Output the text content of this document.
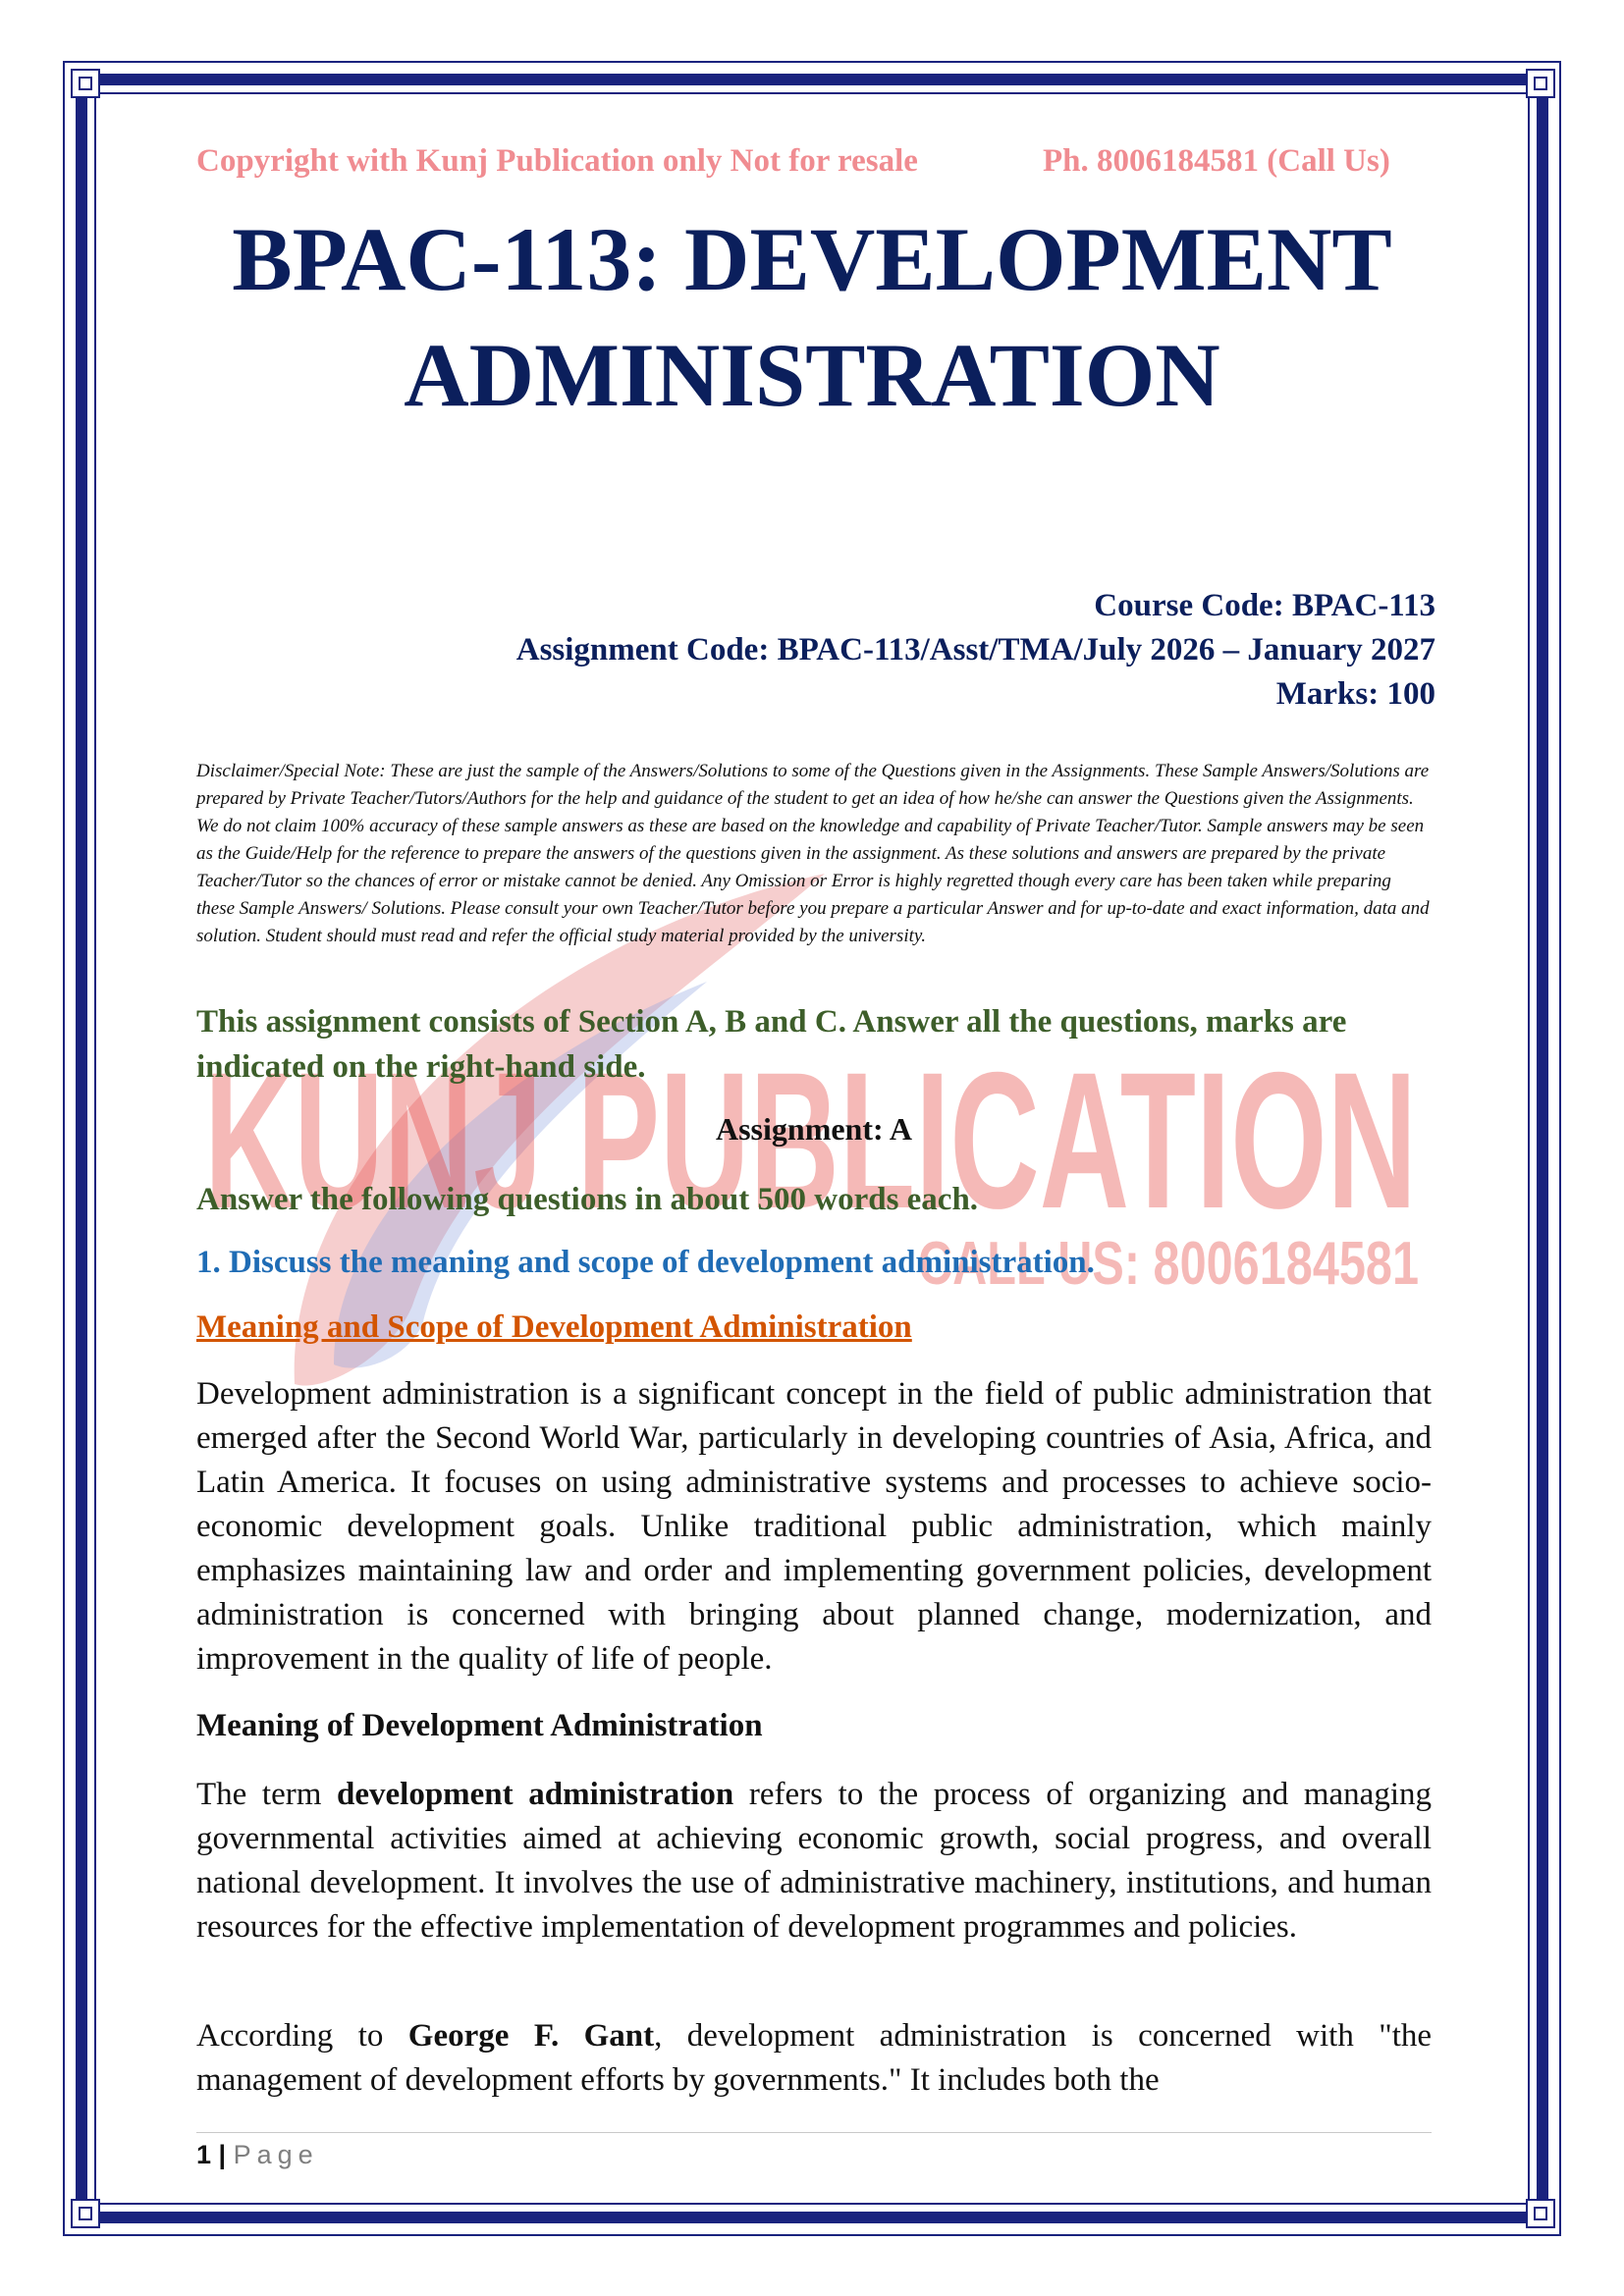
KUNJ PUBLICATION
CALL US: 8006184581
Copyright with Kunj Publication only Not for resale	Ph. 8006184581 (Call Us)
BPAC-113: DEVELOPMENT
ADMINISTRATION
Course Code: BPAC-113
Assignment Code: BPAC-113/Asst/TMA/July 2026 – January 2027
Marks: 100
Disclaimer/Special Note: These are just the sample of the Answers/Solutions to some of the Questions given in the Assignments. These Sample Answers/Solutions are prepared by Private Teacher/Tutors/Authors for the help and guidance of the student to get an idea of how he/she can answer the Questions given the Assignments. We do not claim 100% accuracy of these sample answers as these are based on the knowledge and capability of Private Teacher/Tutor. Sample answers may be seen as the Guide/Help for the reference to prepare the answers of the questions given in the assignment. As these solutions and answers are prepared by the private Teacher/Tutor so the chances of error or mistake cannot be denied. Any Omission or Error is highly regretted though every care has been taken while preparing these Sample Answers/ Solutions. Please consult your own Teacher/Tutor before you prepare a particular Answer and for up-to-date and exact information, data and solution. Student should must read and refer the official study material provided by the university.
This assignment consists of Section A, B and C. Answer all the questions, marks are indicated on the right-hand side.
Assignment: A
Answer the following questions in about 500 words each.
1. Discuss the meaning and scope of development administration.
Meaning and Scope of Development Administration

Development administration is a significant concept in the field of public administration that emerged after the Second World War, particularly in developing countries of Asia, Africa, and Latin America. It focuses on using administrative systems and processes to achieve socio-economic development goals. Unlike traditional public administration, which mainly emphasizes maintaining law and order and implementing government policies, development administration is concerned with bringing about planned change, modernization, and improvement in the quality of life of people.

Meaning of Development Administration

The term development administration refers to the process of organizing and managing governmental activities aimed at achieving economic growth, social progress, and overall national development. It involves the use of administrative machinery, institutions, and human resources for the effective implementation of development programmes and policies.

According to George F. Gant, development administration is concerned with "the management of development efforts by governments." It includes both the

1 | Page
